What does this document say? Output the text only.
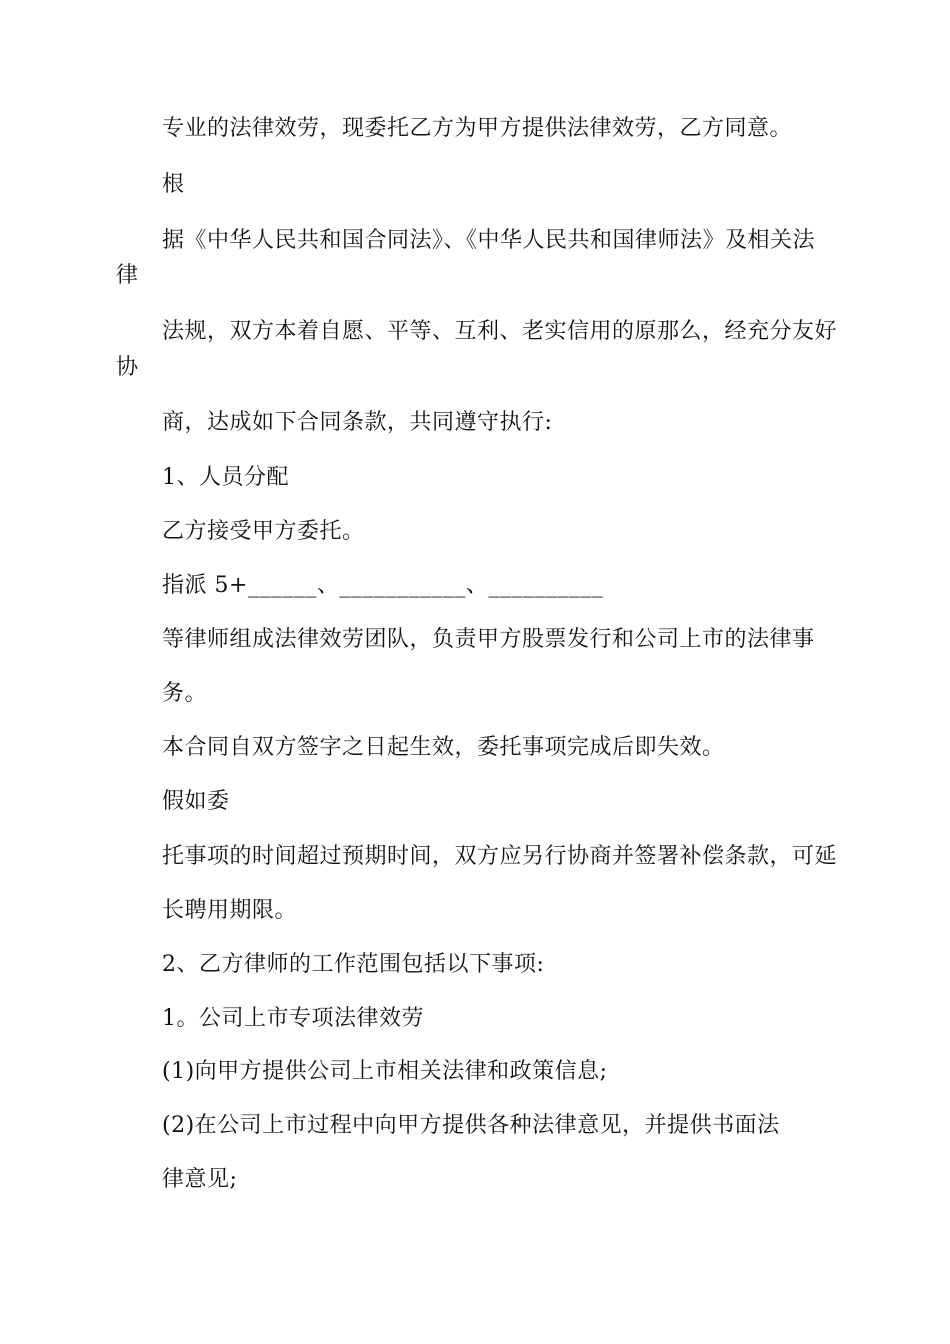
专业的法律效劳，现委托乙方为甲方提供法律效劳，乙方同意。
根
据《中华人民共和国合同法》、《中华人民共和国律师法》及相关法
律
法规，双方本着自愿、平等、互利、老实信用的原那么，经充分友好
协
商，达成如下合同条款，共同遵守执行:
1、人员分配
乙方接受甲方委托。
指派 5+______、___________、__________
等律师组成法律效劳团队，负责甲方股票发行和公司上市的法律事
务。
本合同自双方签字之日起生效，委托事项完成后即失效。
假如委
托事项的时间超过预期时间，双方应另行协商并签署补偿条款，可延
长聘用期限。
2、乙方律师的工作范围包括以下事项:
1。公司上市专项法律效劳
(1)向甲方提供公司上市相关法律和政策信息;
(2)在公司上市过程中向甲方提供各种法律意见，并提供书面法
律意见;
